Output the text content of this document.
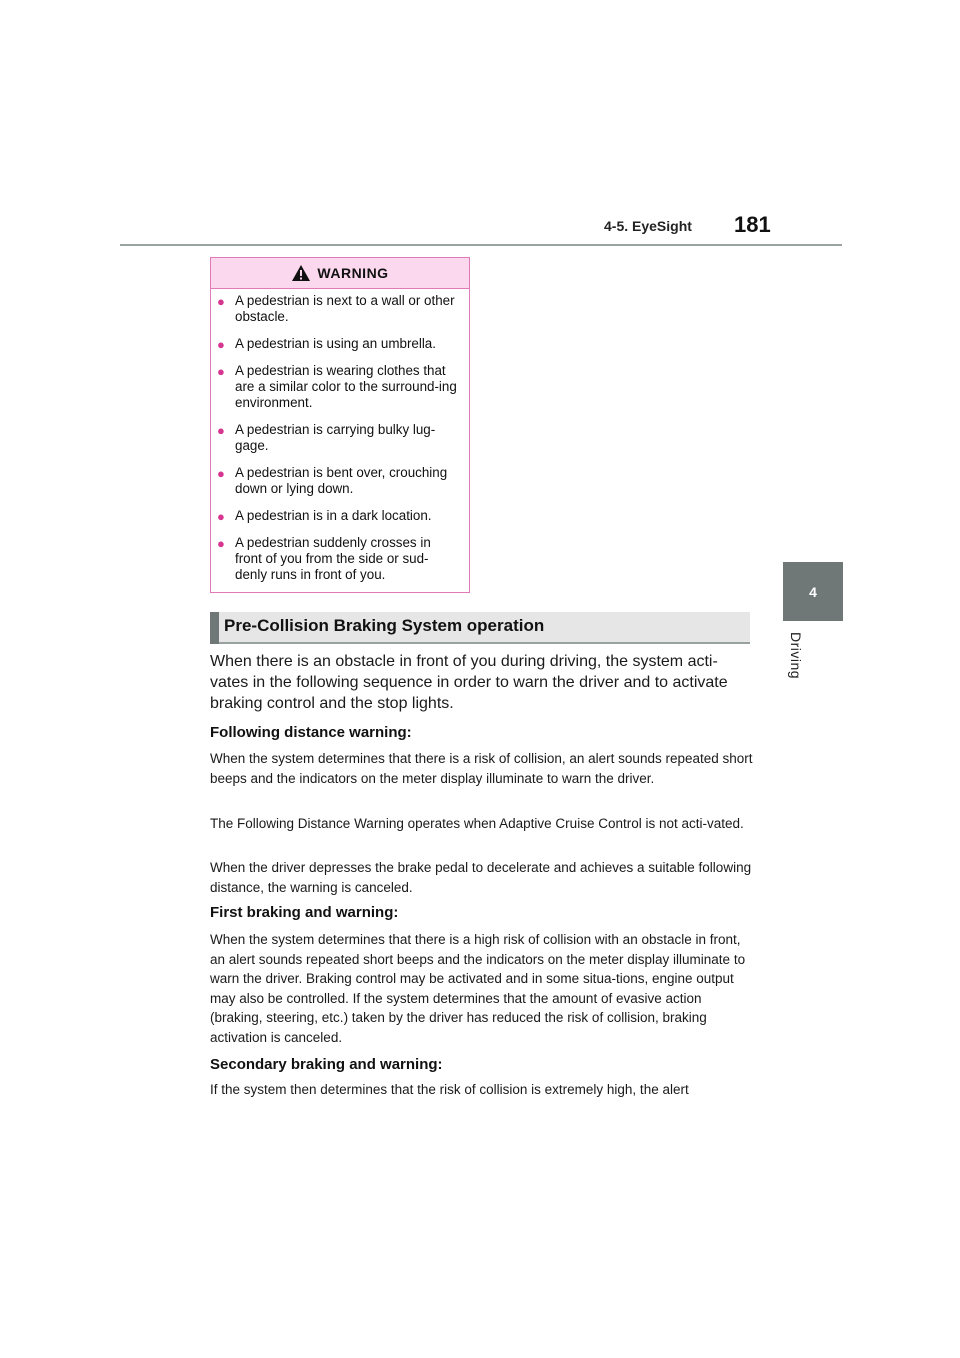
4-5. EyeSight 181
4
Driving
WARNING
● A pedestrian is next to a wall or other obstacle.
● A pedestrian is using an umbrella.
● A pedestrian is wearing clothes that are a similar color to the surround-ing environment.
● A pedestrian is carrying bulky lug-gage.
● A pedestrian is bent over, crouching down or lying down.
● A pedestrian is in a dark location.
● A pedestrian suddenly crosses in front of you from the side or sud-denly runs in front of you.
Pre-Collision Braking System operation

When there is an obstacle in front of you during driving, the system acti-vates in the following sequence in order to warn the driver and to activate braking control and the stop lights.

Following distance warning:

When the system determines that there is a risk of collision, an alert sounds repeated short beeps and the indicators on the meter display illuminate to warn the driver.

The Following Distance Warning operates when Adaptive Cruise Control is not acti-vated.

When the driver depresses the brake pedal to decelerate and achieves a suitable following distance, the warning is canceled.

First braking and warning:

When the system determines that there is a high risk of collision with an obstacle in front, an alert sounds repeated short beeps and the indicators on the meter display illuminate to warn the driver. Braking control may be activated and in some situa-tions, engine output may also be controlled. If the system determines that the amount of evasive action (braking, steering, etc.) taken by the driver has reduced the risk of collision, braking activation is canceled.

Secondary braking and warning:

If the system then determines that the risk of collision is extremely high, the alert
